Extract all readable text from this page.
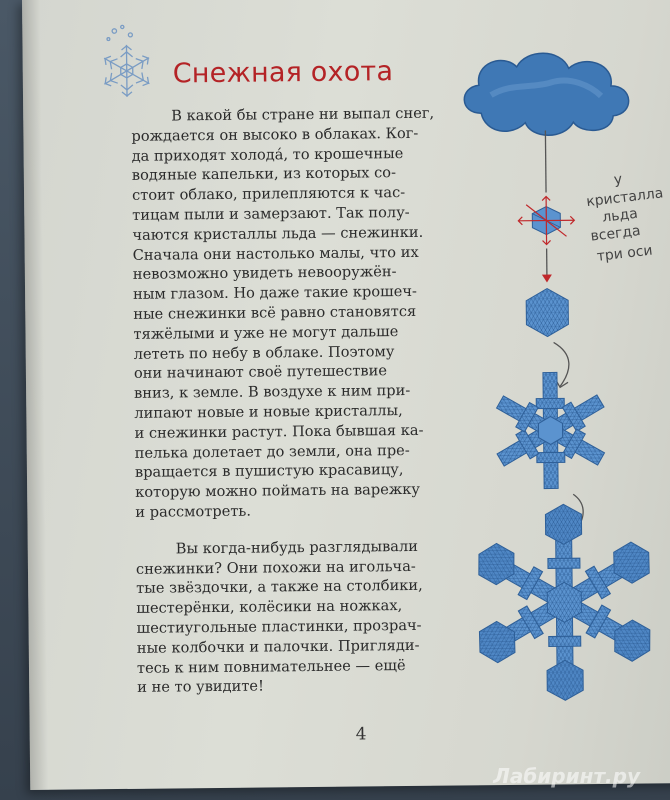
Снежная охота
В какой бы стране ни выпал снег,
рождается он высоко в облаках. Ког-
да приходят холода́, то крошечные
водяные капельки, из которых со-
стоит облако, прилепляются к час-
тицам пыли и замерзают. Так полу-
чаются кристаллы льда — снежинки.
Сначала они настолько малы, что их
невозможно увидеть невооружён-
ным глазом. Но даже такие крошеч-
ные снежинки всё равно становятся
тяжёлыми и уже не могут дальше
лететь по небу в облаке. Поэтому
они начинают своё путешествие
вниз, к земле. В воздухе к ним при-
липают новые и новые кристаллы,
и снежинки растут. Пока бывшая ка-
пелька долетает до земли, она пре-
вращается в пушистую красавицу,
которую можно поймать на варежку
и рассмотреть.
Вы когда-нибудь разглядывали
снежинки? Они похожи на игольча-
тые звёздочки, а также на столбики,
шестерёнки, колёсики на ножках,
шестиугольные пластинки, прозрач-
ные колбочки и палочки. Пригляди-
тесь к ним повнимательнее — ещё
и не то увидите!
у
кристалла
льда
всегда
три оси
4
Лабиринт.ру
